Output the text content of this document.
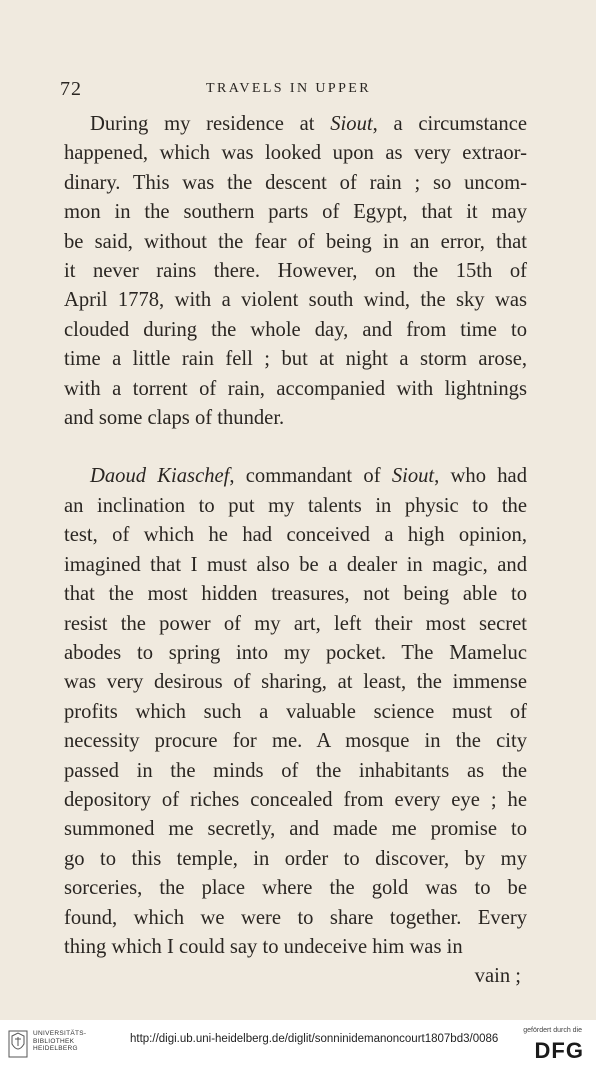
72	TRAVELS IN UPPER
During my residence at Siout, a circumstance
happened, which was looked upon as very extraor-
dinary. This was the descent of rain ; so uncom-
mon in the southern parts of Egypt, that it may
be said, without the fear of being in an error, that
it never rains there. However, on the 15th of
April 1778, with a violent south wind, the sky was
clouded during the whole day, and from time to
time a little rain fell ; but at night a storm arose,
with a torrent of rain, accompanied with lightnings
and some claps of thunder.
Daoud Kiaschef, commandant of Siout, who had
an inclination to put my talents in physic to the
test, of which he had conceived a high opinion,
imagined that I must also be a dealer in magic, and
that the most hidden treasures, not being able to
resist the power of my art, left their most secret
abodes to spring into my pocket. The Mameluc
was very desirous of sharing, at least, the immense
profits which such a valuable science must of
necessity procure for me. A mosque in the city
passed in the minds of the inhabitants as the
depository of riches concealed from every eye ; he
summoned me secretly, and made me promise to
go to this temple, in order to discover, by my
sorceries, the place where the gold was to be
found, which we were to share together. Every
thing which I could say to undeceive him was in
vain ;
UNIVERSITÄTS-
BIBLIOTHEK
HEIDELBERG
http://digi.ub.uni-heidelberg.de/diglit/sonninidemanoncourt1807bd3/0086
gefördert durch die
DFG
